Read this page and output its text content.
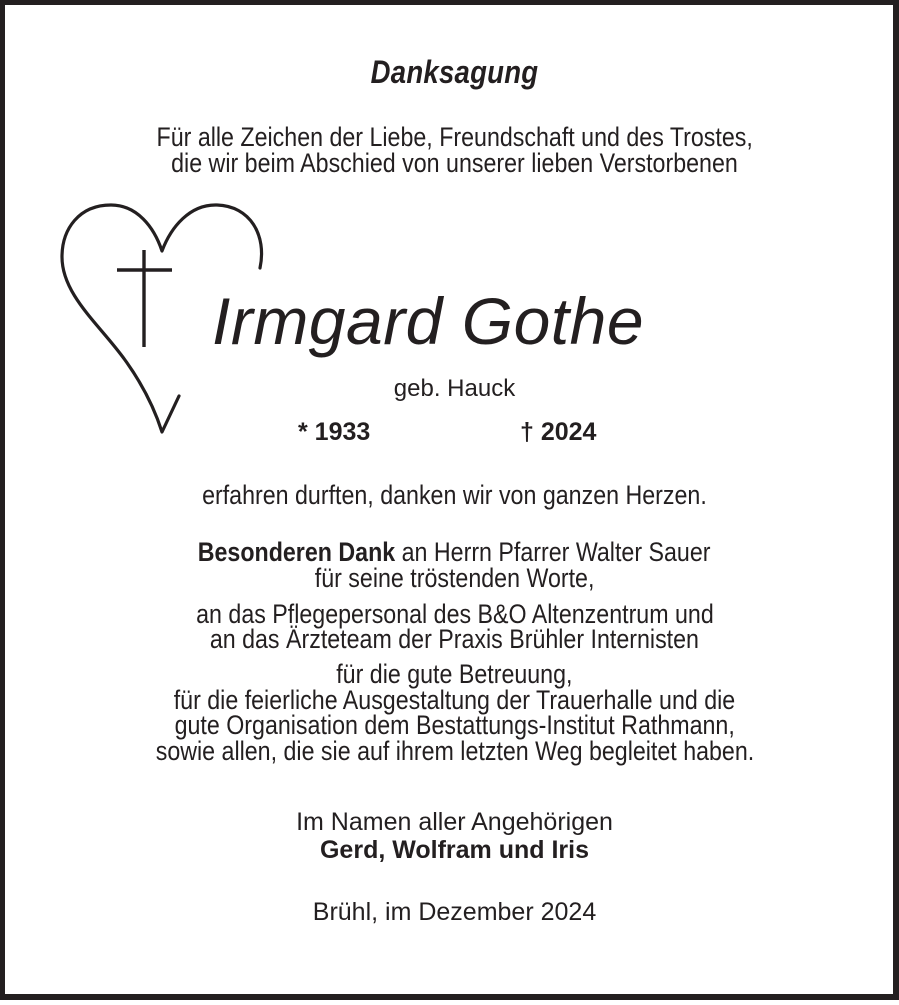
Danksagung
Für alle Zeichen der Liebe, Freundschaft und des Trostes,
die wir beim Abschied von unserer lieben Verstorbenen
Irmgard Gothe
geb. Hauck
* 1933	† 2024
erfahren durften, danken wir von ganzen Herzen.
Besonderen Dank an Herrn Pfarrer Walter Sauer
für seine tröstenden Worte,
an das Pflegepersonal des B&O Altenzentrum und
an das Ärzteteam der Praxis Brühler Internisten
für die gute Betreuung,
für die feierliche Ausgestaltung der Trauerhalle und die
gute Organisation dem Bestattungs-Institut Rathmann,
sowie allen, die sie auf ihrem letzten Weg begleitet haben.
Im Namen aller Angehörigen
Gerd, Wolfram und Iris
Brühl, im Dezember 2024
